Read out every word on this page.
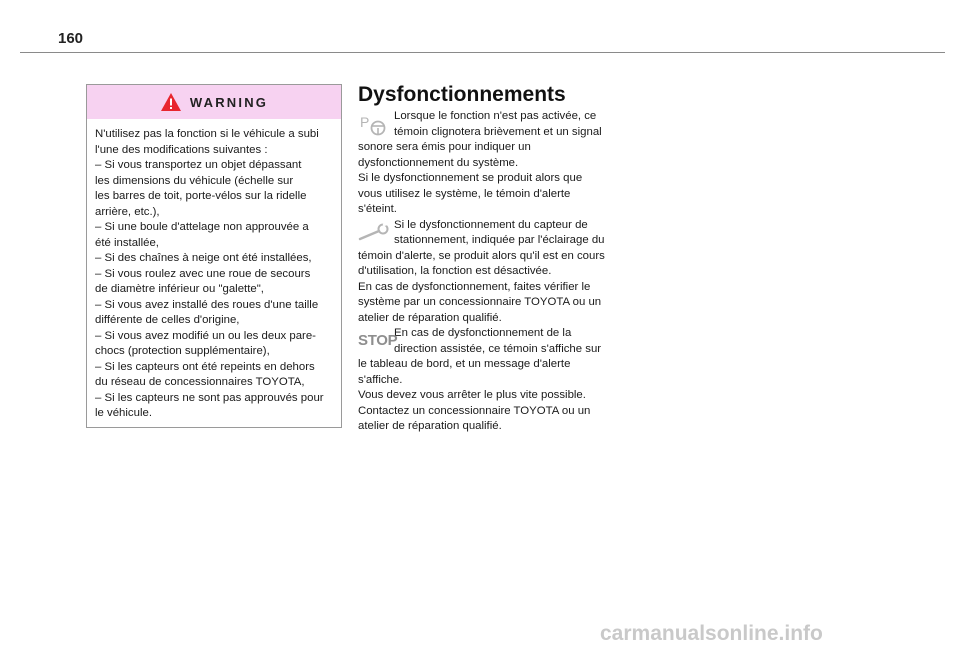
160
WARNING

N'utilisez pas la fonction si le véhicule a subi

l'une des modifications suivantes :

– Si vous transportez un objet dépassant

les dimensions du véhicule (échelle sur

les barres de toit, porte-vélos sur la ridelle

arrière, etc.),

– Si une boule d'attelage non approuvée a

été installée,

– Si des chaînes à neige ont été installées,

– Si vous roulez avec une roue de secours

de diamètre inférieur ou "galette",

– Si vous avez installé des roues d'une taille

différente de celles d'origine,

– Si vous avez modifié un ou les deux pare-

chocs (protection supplémentaire),

– Si les capteurs ont été repeints en dehors

du réseau de concessionnaires TOYOTA,

– Si les capteurs ne sont pas approuvés pour

le véhicule.

Dysfonctionnements
P	Lorsque le fonction n'est pas activée, ce

témoin clignotera brièvement et un signal

sonore sera émis pour indiquer un

dysfonctionnement du système.

Si le dysfonctionnement se produit alors que

vous utilisez le système, le témoin d'alerte

s'éteint.

Si le dysfonctionnement du capteur de

stationnement, indiquée par l'éclairage du

témoin d'alerte, se produit alors qu'il est en cours

d'utilisation, la fonction est désactivée.

En cas de dysfonctionnement, faites vérifier le

système par un concessionnaire TOYOTA ou un

atelier de réparation qualifié.

STOP

En cas de dysfonctionnement de la

direction assistée, ce témoin s'affiche sur

le tableau de bord, et un message d'alerte

s'affiche.

Vous devez vous arrêter le plus vite possible.

Contactez un concessionnaire TOYOTA ou un

atelier de réparation qualifié.

carmanualsonline.info
